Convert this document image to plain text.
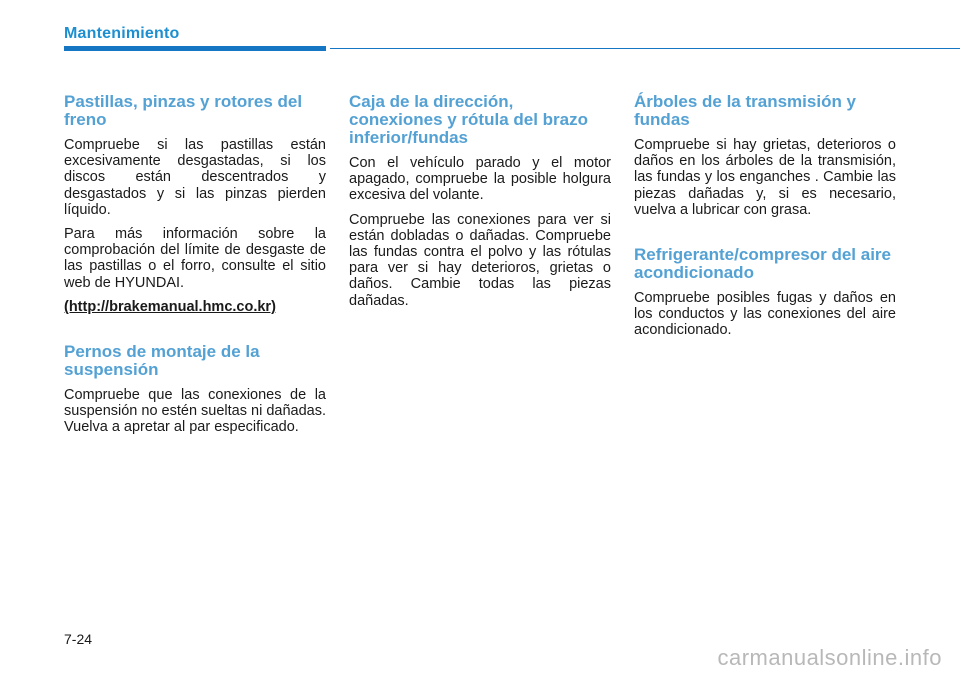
Mantenimiento
Pastillas, pinzas y rotores del freno

Compruebe si las pastillas están excesivamente desgastadas, si los discos están descentrados y desgastados y si las pinzas pierden líquido.

Para más información sobre la comprobación del límite de desgaste de las pastillas o el forro, consulte el sitio web de HYUNDAI.

(http://brakemanual.hmc.co.kr)
Pernos de montaje de la suspensión

Compruebe que las conexiones de la suspensión no estén sueltas ni dañadas. Vuelva a apretar al par especificado.

Caja de la dirección, conexiones y rótula del brazo inferior/fundas

Con el vehículo parado y el motor apagado, compruebe la posible holgura excesiva del volante.

Compruebe las conexiones para ver si están dobladas o dañadas. Compruebe las fundas contra el polvo y las rótulas para ver si hay deterioros, grietas o daños. Cambie todas las piezas dañadas.

Árboles de la transmisión y fundas

Compruebe si hay grietas, deterioros o daños en los árboles de la transmisión, las fundas y los enganches . Cambie las piezas dañadas y, si es necesario, vuelva a lubricar con grasa.

Refrigerante/compresor del aire acondicionado

Compruebe posibles fugas y daños en los conductos y las conexiones del aire acondicionado.

7-24
carmanualsonline.info
